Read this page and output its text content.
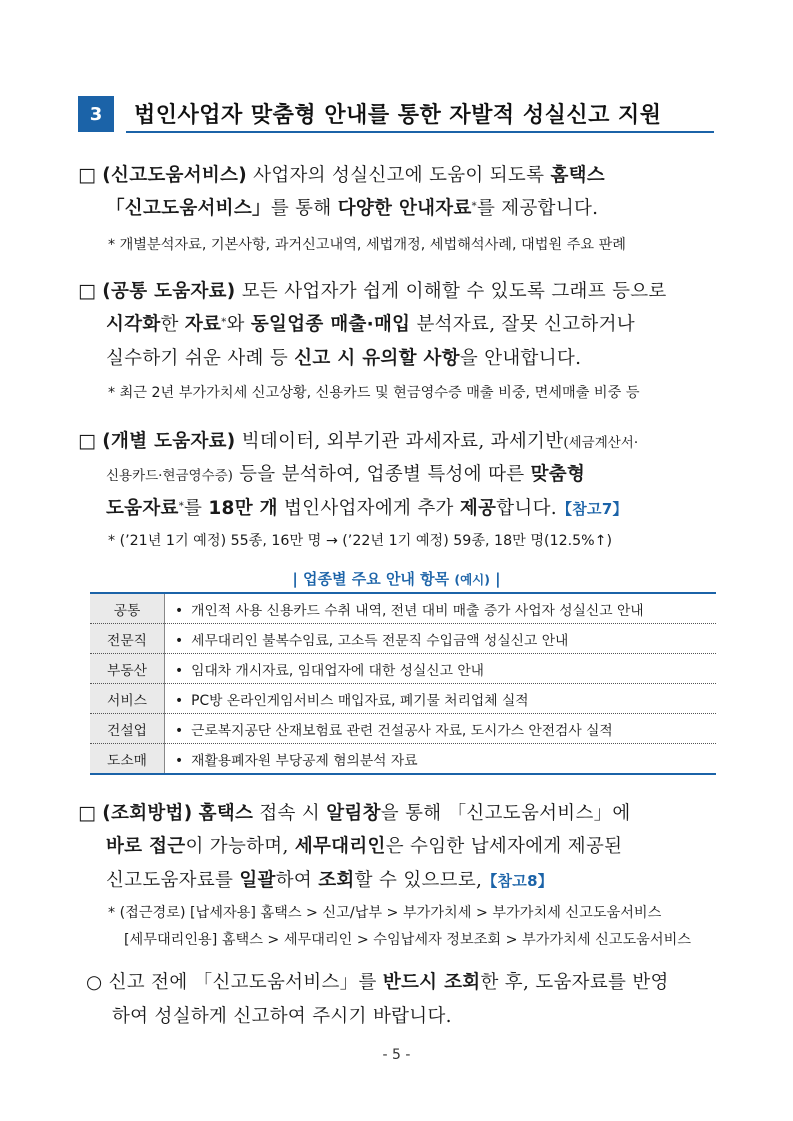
3	법인사업자 맞춤형 안내를 통한 자발적 성실신고 지원
□ (신고도움서비스) 사업자의 성실신고에 도움이 되도록 홈택스
「신고도움서비스」를 통해 다양한 안내자료*를 제공합니다.
* 개별분석자료, 기본사항, 과거신고내역, 세법개정, 세법해석사례, 대법원 주요 판례
□ (공통 도움자료) 모든 사업자가 쉽게 이해할 수 있도록 그래프 등으로
시각화한 자료*와 동일업종 매출·매입 분석자료, 잘못 신고하거나
실수하기 쉬운 사례 등 신고 시 유의할 사항을 안내합니다.
* 최근 2년 부가가치세 신고상황, 신용카드 및 현금영수증 매출 비중, 면세매출 비중 등
□ (개별 도움자료) 빅데이터, 외부기관 과세자료, 과세기반(세금계산서·
신용카드·현금영수증) 등을 분석하여, 업종별 특성에 따른 맞춤형
도움자료*를 18만 개 법인사업자에게 추가 제공합니다.【참고7】
* (’21년 1기 예정) 55종, 16만 명 → (’22년 1기 예정) 59종, 18만 명(12.5%↑)
| 업종별 주요 안내 항목 (예시) |
공통	• 개인적 사용 신용카드 수취 내역, 전년 대비 매출 증가 사업자 성실신고 안내
전문직	• 세무대리인 불복수임료, 고소득 전문직 수입금액 성실신고 안내
부동산	• 임대차 개시자료, 임대업자에 대한 성실신고 안내
서비스	• PC방 온라인게임서비스 매입자료, 폐기물 처리업체 실적
건설업	• 근로복지공단 산재보험료 관련 건설공사 자료, 도시가스 안전검사 실적
도소매	• 재활용폐자원 부당공제 혐의분석 자료
□ (조회방법) 홈택스 접속 시 알림창을 통해 「신고도움서비스」에
바로 접근이 가능하며, 세무대리인은 수임한 납세자에게 제공된
신고도움자료를 일괄하여 조회할 수 있으므로,【참고8】
* (접근경로) [납세자용] 홈택스 > 신고/납부 > 부가가치세 > 부가가치세 신고도움서비스
[세무대리인용] 홈택스 > 세무대리인 > 수임납세자 정보조회 > 부가가치세 신고도움서비스
○ 신고 전에 「신고도움서비스」를 반드시 조회한 후, 도움자료를 반영
하여 성실하게 신고하여 주시기 바랍니다.
- 5 -
